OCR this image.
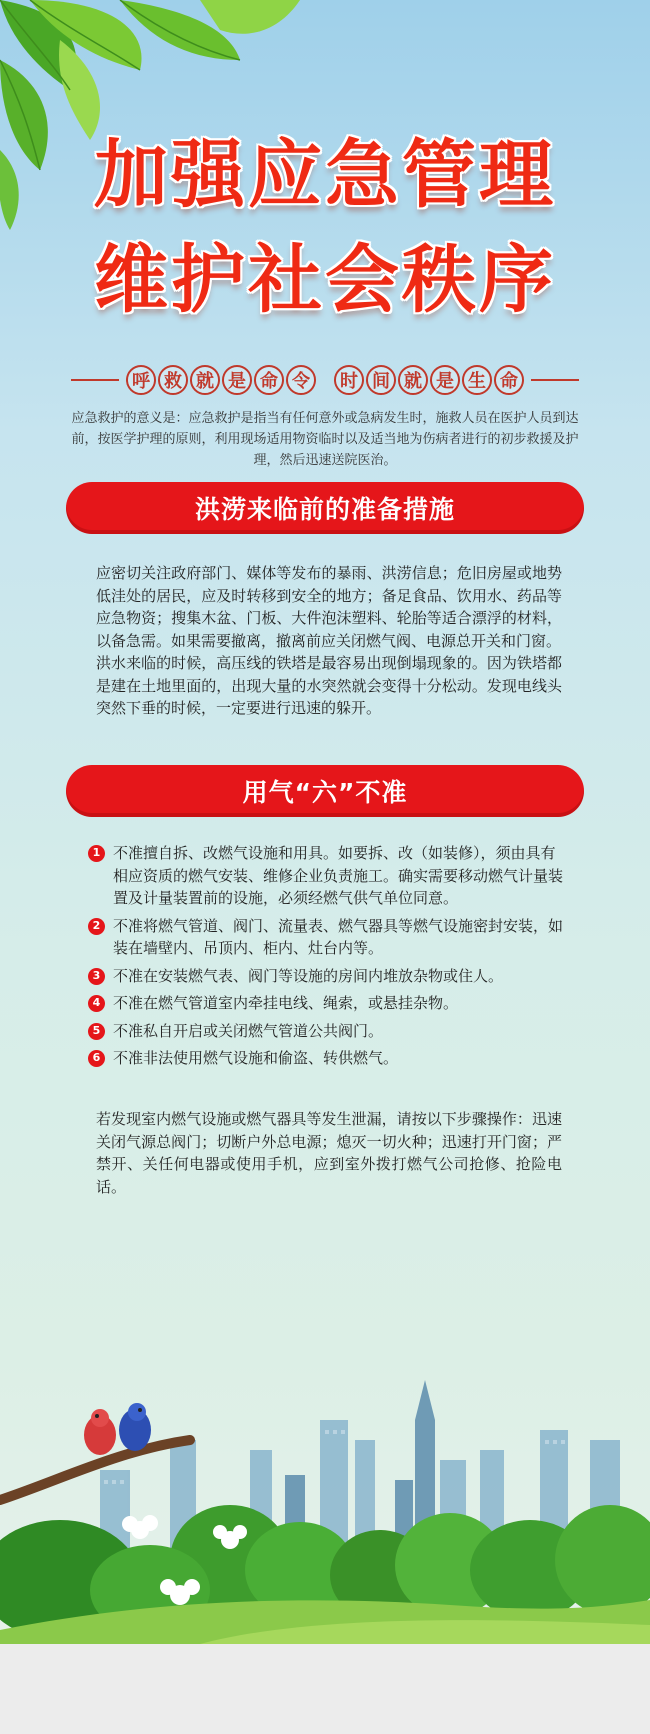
加强应急管理
维护社会秩序
呼 救 就 是 命 令	时 间 就 是 生 命
应急救护的意义是：应急救护是指当有任何意外或急病发生时，施救人员在医护人员到达前，按医学护理的原则，利用现场适用物资临时以及适当地为伤病者进行的初步救援及护理，然后迅速送院医治。
洪涝来临前的准备措施

应密切关注政府部门、媒体等发布的暴雨、洪涝信息；危旧房屋或地势低洼处的居民，应及时转移到安全的地方；备足食品、饮用水、药品等应急物资；搜集木盆、门板、大件泡沫塑料、轮胎等适合漂浮的材料，以备急需。如果需要撤离，撤离前应关闭燃气阀、电源总开关和门窗。

洪水来临的时候，高压线的铁塔是最容易出现倒塌现象的。因为铁塔都是建在土地里面的，出现大量的水突然就会变得十分松动。发现电线头突然下垂的时候，一定要进行迅速的躲开。

用气“六”不准
1 不准擅自拆、改燃气设施和用具。如要拆、改（如装修），须由具有相应资质的燃气安装、维修企业负责施工。确实需要移动燃气计量装置及计量装置前的设施，必须经燃气供气单位同意。
2 不准将燃气管道、阀门、流量表、燃气器具等燃气设施密封安装，如装在墙壁内、吊顶内、柜内、灶台内等。
3 不准在安装燃气表、阀门等设施的房间内堆放杂物或住人。
4 不准在燃气管道室内牵挂电线、绳索，或悬挂杂物。
5 不准私自开启或关闭燃气管道公共阀门。
6 不准非法使用燃气设施和偷盗、转供燃气。
若发现室内燃气设施或燃气器具等发生泄漏，请按以下步骤操作：迅速关闭气源总阀门；切断户外总电源；熄灭一切火种；迅速打开门窗；严禁开、关任何电器或使用手机，应到室外拨打燃气公司抢修、抢险电话。
